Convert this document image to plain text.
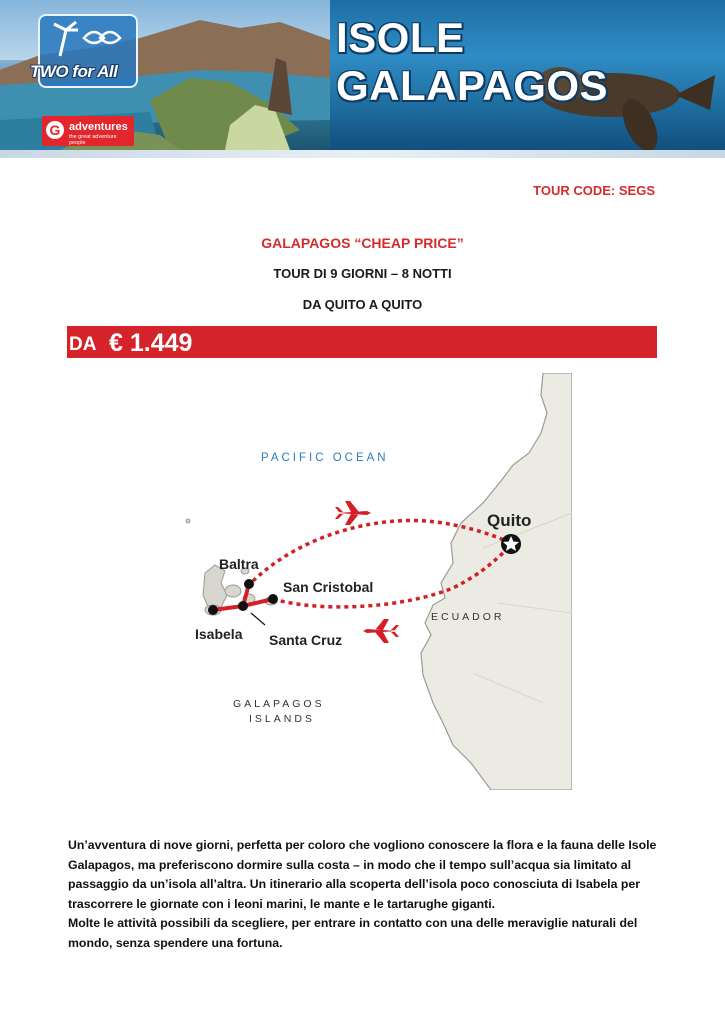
TWO for All
G adventures
the great adventure people
ISOLE GALAPAGOS
TOUR CODE: SEGS
GALAPAGOS “CHEAP PRICE”
TOUR DI 9 GIORNI – 8 NOTTI
DA QUITO A QUITO
DA € 1.449
PACIFIC OCEAN
Quito
Baltra
San Cristobal
Isabela Santa Cruz
ECUADOR
GALAPAGOS
ISLANDS

Un’avventura di nove giorni, perfetta per coloro che vogliono conoscere la flora e la fauna delle Isole Galapagos, ma preferiscono dormire sulla costa – in modo che il tempo sull’acqua sia limitato al passaggio da un’isola all’altra. Un itinerario alla scoperta dell’isola poco conosciuta di Isabela per trascorrere le giornate con i leoni marini, le mante e le tartarughe giganti.

Molte le attività possibili da scegliere, per entrare in contatto con una delle meraviglie naturali del mondo, senza spendere una fortuna.
